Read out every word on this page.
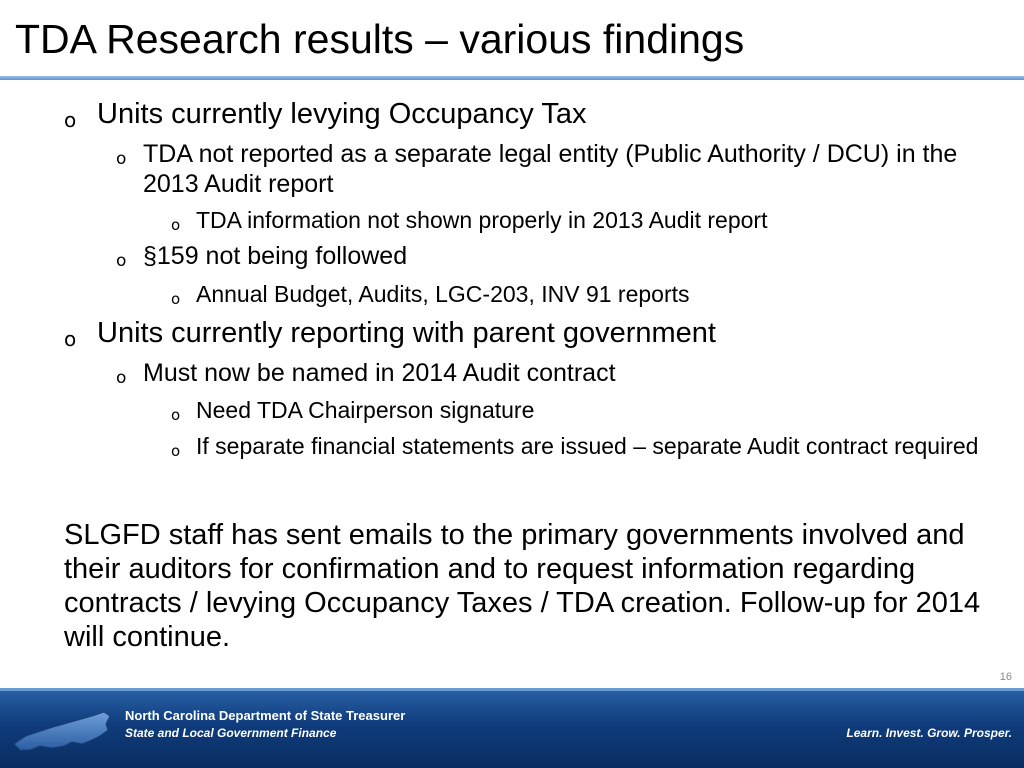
TDA Research results – various findings
o Units currently levying Occupancy Tax
o TDA not reported as a separate legal entity (Public Authority / DCU) in the 2013 Audit report
o TDA information not shown properly in 2013 Audit report
o §159 not being followed
o Annual Budget, Audits, LGC-203, INV 91 reports
o Units currently reporting with parent government
o Must now be named in 2014 Audit contract
o Need TDA Chairperson signature
o If separate financial statements are issued – separate Audit contract required
SLGFD staff has sent emails to the primary governments involved and their auditors for confirmation and to request information regarding contracts / levying Occupancy Taxes / TDA creation. Follow-up for 2014 will continue.
16
North Carolina Department of State Treasurer
State and Local Government Finance	Learn. Invest. Grow. Prosper.
